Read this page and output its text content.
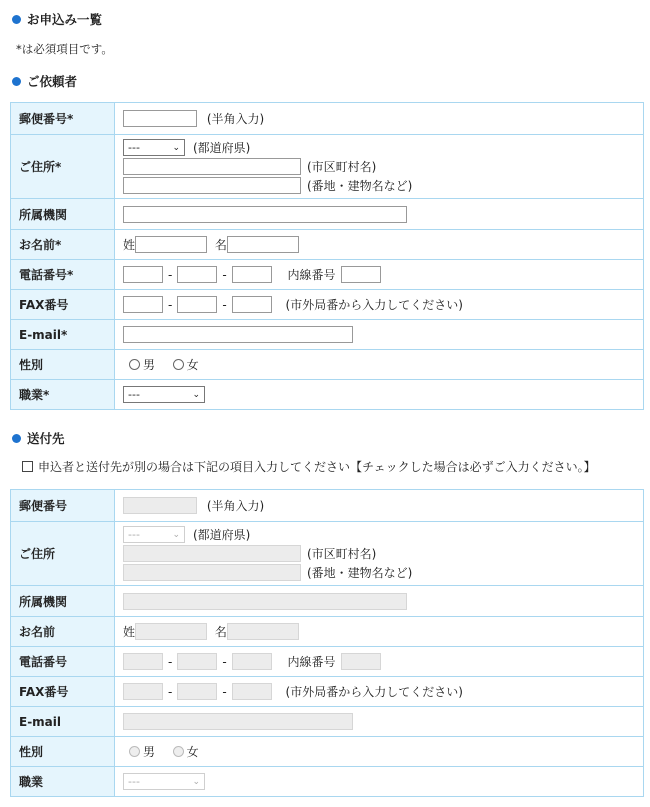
お申込み一覧
*は必須項目です。
ご依頼者
郵便番号*	(半角入力)
ご住所*	--- ⌄ (都道府県)
(市区町村名)
(番地・建物名など)

所属機関	
お名前*	姓 名
電話番号*	- - 内線番号
FAX番号	- - (市外局番から入力してください)
E-mail*	
性別	男 女
職業*	--- ⌄
送付先
申込者と送付先が別の場合は下記の項目入力してください【チェックした場合は必ずご入力ください。】
郵便番号	(半角入力)
ご住所	--- ⌄ (都道府県)
(市区町村名)
(番地・建物名など)

所属機関	
お名前	姓 名
電話番号	- - 内線番号
FAX番号	- - (市外局番から入力してください)
E-mail	
性別	男 女
職業	--- ⌄
